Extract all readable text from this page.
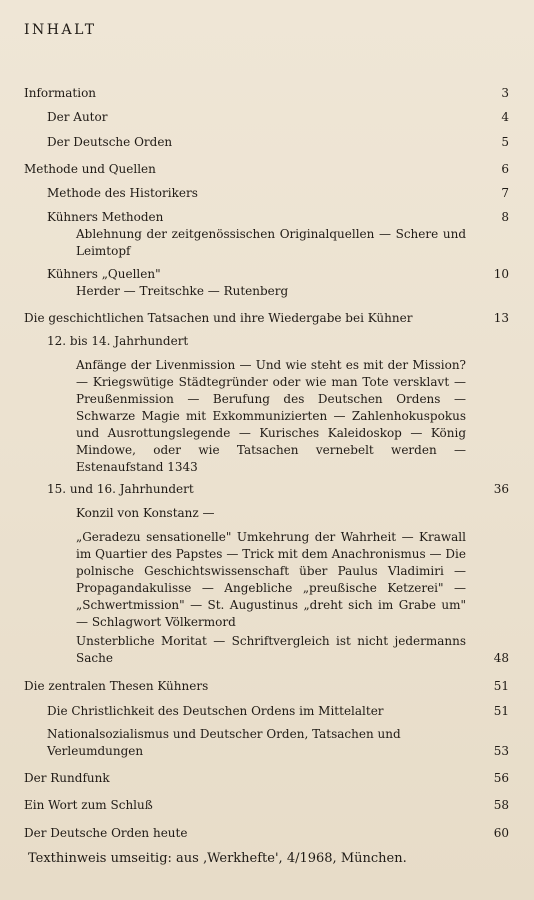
INHALT
Information	3
Der Autor	4
Der Deutsche Orden	5
Methode und Quellen	6
Methode des Historikers	7
Kühners Methoden	8
Ablehnung der zeitgenössischen Originalquellen — Schere und Leimtopf
Kühners „Quellen"	10
Herder — Treitschke — Rutenberg
Die geschichtlichen Tatsachen und ihre Wiedergabe bei Kühner	13
12. bis 14. Jahrhundert
Anfänge der Livenmission — Und wie steht es mit der Mission? — Kriegswütige Städtegründer oder wie man Tote versklavt — Preußenmission — Berufung des Deutschen Ordens — Schwarze Magie mit Exkommunizierten — Zahlenhokuspokus und Ausrottungslegende — Kurisches Kaleidoskop — König Mindowe, oder wie Tatsachen vernebelt werden — Estenaufstand 1343
15. und 16. Jahrhundert	36
Konzil von Konstanz —
„Geradezu sensationelle" Umkehrung der Wahrheit — Krawall im Quartier des Papstes — Trick mit dem Anachronismus — Die polnische Geschichtswissenschaft über Paulus Vladimiri — Propagandakulisse — Angebliche „preußische Ketzerei" — „Schwertmission" — St. Augustinus „dreht sich im Grabe um" — Schlagwort Völkermord
Unsterbliche Moritat — Schriftvergleich ist nicht jedermanns Sache	48
Die zentralen Thesen Kühners	51
Die Christlichkeit des Deutschen Ordens im Mittelalter	51
Nationalsozialismus und Deutscher Orden, Tatsachen und Verleumdungen	53
Der Rundfunk	56
Ein Wort zum Schluß	58
Der Deutsche Orden heute	60
Texthinweis umseitig: aus ‚Werkhefte', 4/1968, München.
